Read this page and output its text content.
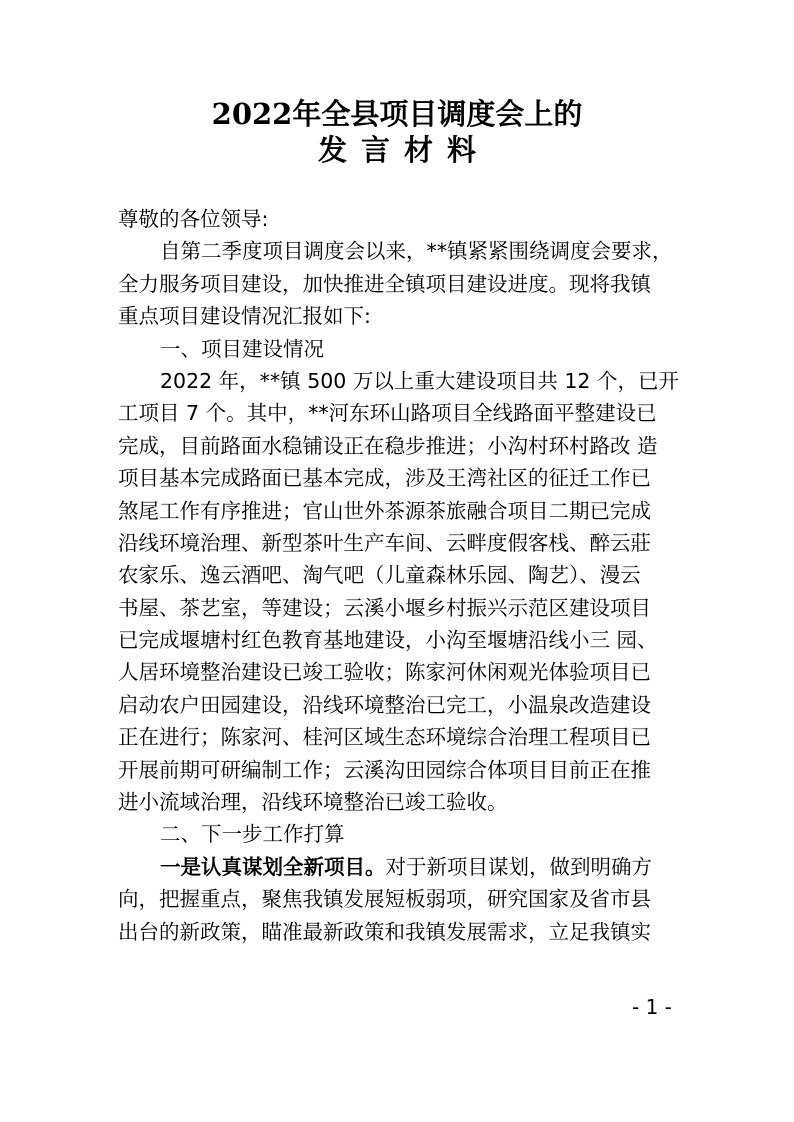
2022年全县项目调度会上的
发言材料
尊敬的各位领导:
自第二季度项目调度会以来，**镇紧紧围绕调度会要求，
全力服务项目建设，加快推进全镇项目建设进度。现将我镇
重点项目建设情况汇报如下:
一、项目建设情况
2022 年，**镇 500 万以上重大建设项目共 12 个，已开
工项目 7 个。其中，**河东环山路项目全线路面平整建设已
完成，目前路面水稳铺设正在稳步推进；小沟村环村路改 造
项目基本完成路面已基本完成，涉及王湾社区的征迁工作已
煞尾工作有序推进；官山世外茶源茶旅融合项目二期已完成
沿线环境治理、新型茶叶生产车间、云畔度假客栈、醉云莊
农家乐、逸云酒吧、淘气吧（儿童森林乐园、陶艺）、漫云
书屋、茶艺室，等建设；云溪小堰乡村振兴示范区建设项目
已完成堰塘村红色教育基地建设，小沟至堰塘沿线小三 园、
人居环境整治建设已竣工验收；陈家河休闲观光体验项目已
启动农户田园建设，沿线环境整治已完工，小温泉改造建设
正在进行；陈家河、桂河区域生态环境综合治理工程项目已
开展前期可研编制工作；云溪沟田园综合体项目目前正在推
进小流域治理，沿线环境整治已竣工验收。
二、下一步工作打算
一是认真谋划全新项目。对于新项目谋划，做到明确方
向，把握重点，聚焦我镇发展短板弱项，研究国家及省市县
出台的新政策，瞄准最新政策和我镇发展需求，立足我镇实
- 1 -
